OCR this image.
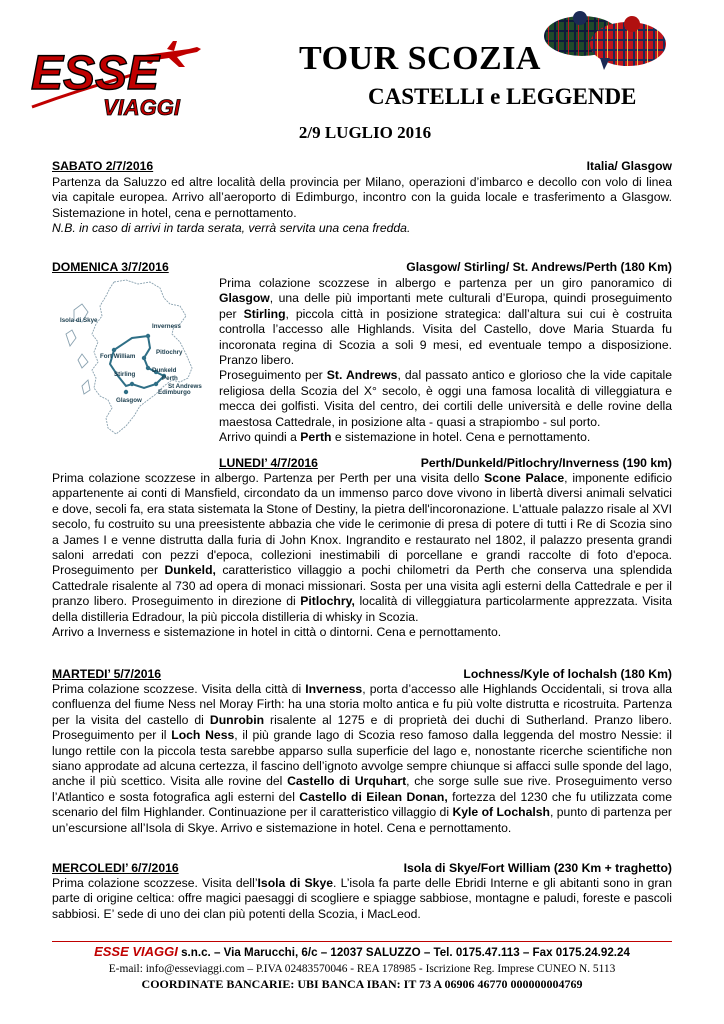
ESSE
VIAGGI
TOUR SCOZIA
CASTELLI e LEGGENDE
2/9 LUGLIO 2016
SABATO 2/7/2016	Italia/ Glasgow

Partenza da Saluzzo ed altre località della provincia per Milano, operazioni d’imbarco e decollo con volo di linea via capitale europea. Arrivo all’aeroporto di Edimburgo, incontro con la guida locale e trasferimento a Glasgow. Sistemazione in hotel, cena e pernottamento.

N.B. in caso di arrivi in tarda serata, verrà servita una cena fredda.

DOMENICA 3/7/2016	Glasgow/ Stirling/ St. Andrews/Perth (180 Km)
Isola di Skye
Inverness
Fort William
Pitlochry
Dunkeld
Perth
St Andrews
Stirling
Edimburgo
Glasgow

Prima colazione scozzese in albergo e partenza per un giro panoramico di Glasgow, una delle più importanti mete culturali d’Europa, quindi proseguimento per Stirling, piccola città in posizione strategica: dall’altura sui cui è costruita controlla l’accesso alle Highlands. Visita del Castello, dove Maria Stuarda fu incoronata regina di Scozia a soli 9 mesi, ed eventuale tempo a disposizione. Pranzo libero.

Proseguimento per St. Andrews, dal passato antico e glorioso che la vide capitale religiosa della Scozia del X° secolo, è oggi una famosa località di villeggiatura e mecca dei golfisti. Visita del centro, dei cortili delle università e delle rovine della maestosa Cattedrale, in posizione alta - quasi a strapiombo - sul porto.

Arrivo quindi a Perth e sistemazione in hotel. Cena e pernottamento.

LUNEDI’ 4/7/2016	Perth/Dunkeld/Pitlochry/Inverness (190 km)

Prima colazione scozzese in albergo. Partenza per Perth per una visita dello Scone Palace, imponente edificio appartenente ai conti di Mansfield, circondato da un immenso parco dove vivono in libertà diversi animali selvatici e dove, secoli fa, era stata sistemata la Stone of Destiny, la pietra dell'incoronazione. L'attuale palazzo risale al XVI secolo, fu costruito su una preesistente abbazia che vide le cerimonie di presa di potere di tutti i Re di Scozia sino a James I e venne distrutta dalla furia di John Knox. Ingrandito e restaurato nel 1802, il palazzo presenta grandi saloni arredati con pezzi d'epoca, collezioni inestimabili di porcellane e grandi raccolte di foto d'epoca. Proseguimento per Dunkeld, caratteristico villaggio a pochi chilometri da Perth che conserva una splendida Cattedrale risalente al 730 ad opera di monaci missionari. Sosta per una visita agli esterni della Cattedrale e per il pranzo libero. Proseguimento in direzione di Pitlochry, località di villeggiatura particolarmente apprezzata. Visita della distilleria Edradour, la più piccola distilleria di whisky in Scozia.

Arrivo a Inverness e sistemazione in hotel in città o dintorni. Cena e pernottamento.

MARTEDI’ 5/7/2016	Lochness/Kyle of lochalsh (180 Km)

Prima colazione scozzese. Visita della città di Inverness, porta d’accesso alle Highlands Occidentali, si trova alla confluenza del fiume Ness nel Moray Firth: ha una storia molto antica e fu più volte distrutta e ricostruita. Partenza per la visita del castello di Dunrobin risalente al 1275 e di proprietà dei duchi di Sutherland. Pranzo libero. Proseguimento per il Loch Ness, il più grande lago di Scozia reso famoso dalla leggenda del mostro Nessie: il lungo rettile con la piccola testa sarebbe apparso sulla superficie del lago e, nonostante ricerche scientifiche non siano approdate ad alcuna certezza, il fascino dell’ignoto avvolge sempre chiunque si affacci sulle sponde del lago, anche il più scettico. Visita alle rovine del Castello di Urquhart, che sorge sulle sue rive. Proseguimento verso l’Atlantico e sosta fotografica agli esterni del Castello di Eilean Donan, fortezza del 1230 che fu utilizzata come scenario del film Highlander. Continuazione per il caratteristico villaggio di Kyle of Lochalsh, punto di partenza per un’escursione all’Isola di Skye. Arrivo e sistemazione in hotel. Cena e pernottamento.

MERCOLEDI’ 6/7/2016	Isola di Skye/Fort William (230 Km + traghetto)

Prima colazione scozzese. Visita dell’Isola di Skye. L’isola fa parte delle Ebridi Interne e gli abitanti sono in gran parte di origine celtica: offre magici paesaggi di scogliere e spiagge sabbiose, montagne e paludi, foreste e pascoli sabbiosi. E’ sede di uno dei clan più potenti della Scozia, i MacLeod.

ESSE VIAGGI s.n.c. – Via Marucchi, 6/c – 12037 SALUZZO – Tel. 0175.47.113 – Fax 0175.24.92.24
E-mail: info@esseviaggi.com – P.IVA 02483570046 - REA 178985 - Iscrizione Reg. Imprese CUNEO N. 5113
COORDINATE BANCARIE: UBI BANCA IBAN: IT 73 A 06906 46770 000000004769
